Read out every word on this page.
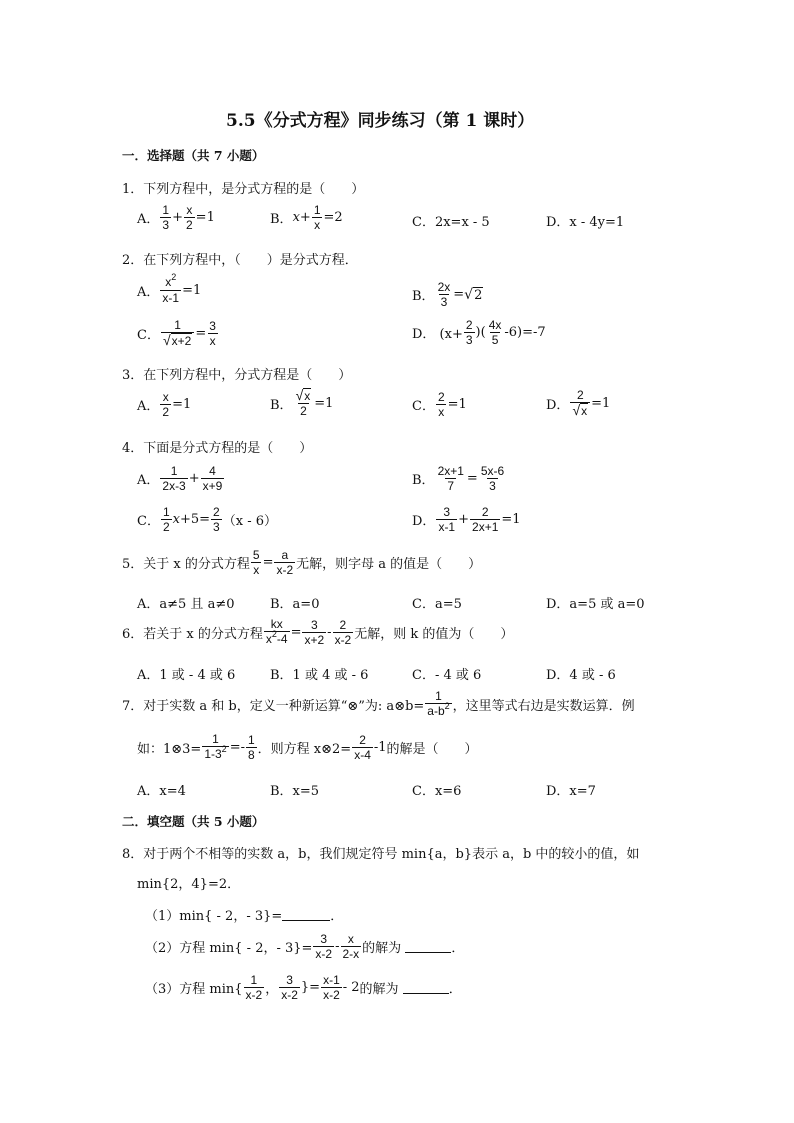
5.5《分式方程》同步练习（第 1 课时）
一．选择题（共 7 小题）
1．下列方程中，是分式方程的是（　　）
A． $\frac{1}{3} + \frac{x}{2} =1$	B． $x + \frac{1}{x} =2$	C．2x=x - 5	D．x - 4y=1
2．在下列方程中，（　　）是分式方程．
A． $\frac{x^2}{x-1} =1$	B． $\frac{2x}{3}$ = √ 2
C． $\frac{1}{√x+2} = \frac{3}{x}$	D． ($x+ \frac{2}{3}$ )( $\frac{4x}{5} -6)=-7$
3．在下列方程中，分式方程是（　　）
A． $\frac{x}{2} =1$	B． $\frac{√x}{2} =1$	C． $\frac{2}{x} =1$	D． $\frac{2}{√x} =1$
4．下面是分式方程的是（　　）
A． $\frac{1}{2x-3} + \frac{4}{x+9}$	B． $\frac{2x+1}{7} = \frac{5x-6}{3}$
C． $\frac{1}{2}$ $x +5= \frac{2}{3} (x - 6)$	D． $\frac{3}{x-1} + \frac{2}{2x+1} =1$
5．关于 x 的分式方程 $\frac{5}{x} = \frac{a}{x-2}$ 无解，则字母 a 的值是（　　）
A．a≠5 且 a≠0	B．a=0	C．a=5	D．a=5 或 a=0
6．若关于 x 的分式方程 $\frac{kx}{x^2-4} = \frac{3}{x+2} - \frac{2}{x-2}$ 无解，则 k 的值为（　　）
A．1 或 - 4 或 6	B．1 或 4 或 - 6	C．- 4 或 6	D．4 或 - 6
7．对于实数 a 和 b，定义一种新运算“⊗”为: a⊗b= $\frac{1}{a-b^2}$ ，这里等式右边是实数运算．例
如：1⊗3= $\frac{1}{1-3^2} =- \frac{1}{8}$ ．则方程 x⊗2= $\frac{2}{x-4} -1$ 的解是（　　）
A．x=4	B．x=5	C．x=6	D．x=7
二．填空题（共 5 小题）
8．对于两个不相等的实数 a，b，我们规定符号 min{a，b}表示 a，b 中的较小的值，如
min{2，4}=2．
（1）min{ - 2，- 3}=	．
（2）方程 min{ - 2，- $3\}= \frac{3}{x-2} - \frac{x}{2-x}$ 的解为
	．
（3）方程 $\min\{ \frac{1}{x-2}$ ， $\frac{3}{x-2}$ }= $\frac{x-1}{x-2} - 2$ 的解为
	．
